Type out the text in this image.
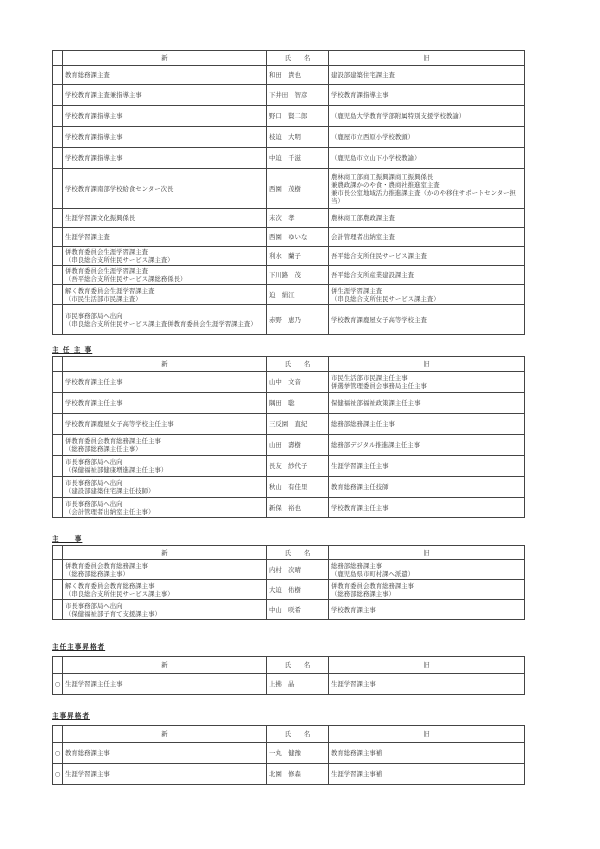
	新	氏　　名	旧

	教育総務課主査	和田　貴也	建設部建築住宅課主査

	学校教育課主査兼指導主事	下井田　智彦	学校教育課指導主事

	学校教育課指導主事	野口　賢二郎	（鹿児島大学教育学部附属特別支援学校教諭）

	学校教育課指導主事	枝迫　大明	（鹿屋市立西原小学校教頭）

	学校教育課指導主事	中迫　千滋	（鹿児島市立山下小学校教諭）

	学校教育課南部学校給食センター次長	西園　茂樹	農林商工部商工振興課商工振興係長
兼農政課かのや食・農商社推進室主査
兼市長公室地域活力推進課主査（かのや移住サポートセンター担当）

	生涯学習課文化振興係長	末次　孝	農林商工部農政課主査

	生涯学習課主査	西園　ゆいな	会計管理者出納室主査

	併教育委員会生涯学習課主査
（串良総合支所住民サービス課主査）	利水　蘭子	吾平総合支所住民サービス課主査

	併教育委員会生涯学習課主査
（吾平総合支所住民サービス課総務係長）	下川路　茂	吾平総合支所産業建設課主査

	解く教育委員会生涯学習課主査
（市民生活部市民課主査）	迫　絹江	併生涯学習課主査
（串良総合支所住民サービス課主査）

	市民事務部局へ出向
（串良総合支所住民サービス課主査併教育委員会生涯学習課主査）	赤野　恵乃	学校教育課鹿屋女子高等学校主査
主 任 主 事
	新	氏　　名	旧

	学校教育課主任主事	山中　文音	市民生活部市民課主任主事
併選挙管理委員会事務局主任主事

	学校教育課主任主事	隅田　聡	保健福祉部福祉政策課主任主事

	学校教育課鹿屋女子高等学校主任主事	三反園　直紀	総務部総務課主任主事

	併教育委員会教育総務課主任主事
（総務部総務課主任主事）	山田　壽樹	総務部デジタル推進課主任主事

	市長事務部局へ出向
（保健福祉部健康増進課主任主事）	長友　紗代子	生涯学習課主任主事

	市長事務部局へ出向
（建設部建築住宅課主任技師）	秋山　有佳里	教育総務課主任技師

	市長事務部局へ出向
（会計管理者出納室主任主事）	新保　裕也	学校教育課主任主事
主　　事
	新	氏　　名	旧

	併教育委員会教育総務課主事
（総務部総務課主事）	内村　次晴	総務部総務課主事
（鹿児島県市町村課へ派遣）

	解く教育委員会教育総務課主事
（串良総合支所住民サービス課主事）	大迫　佑樹	併教育委員会教育総務課主事
（総務部総務課主事）

	市長事務部局へ出向
（保健福祉部子育て支援課主事）	中山　咲希	学校教育課主事
主任主事昇格者
	新	氏　　名	旧
○	生涯学習課主任主事	上拂　晶	生涯学習課主事
主事昇格者
	新	氏　　名	旧
○	教育総務課主事	一丸　健豫	教育総務課主事補

○	生涯学習課主事	北園　修森	生涯学習課主事補
